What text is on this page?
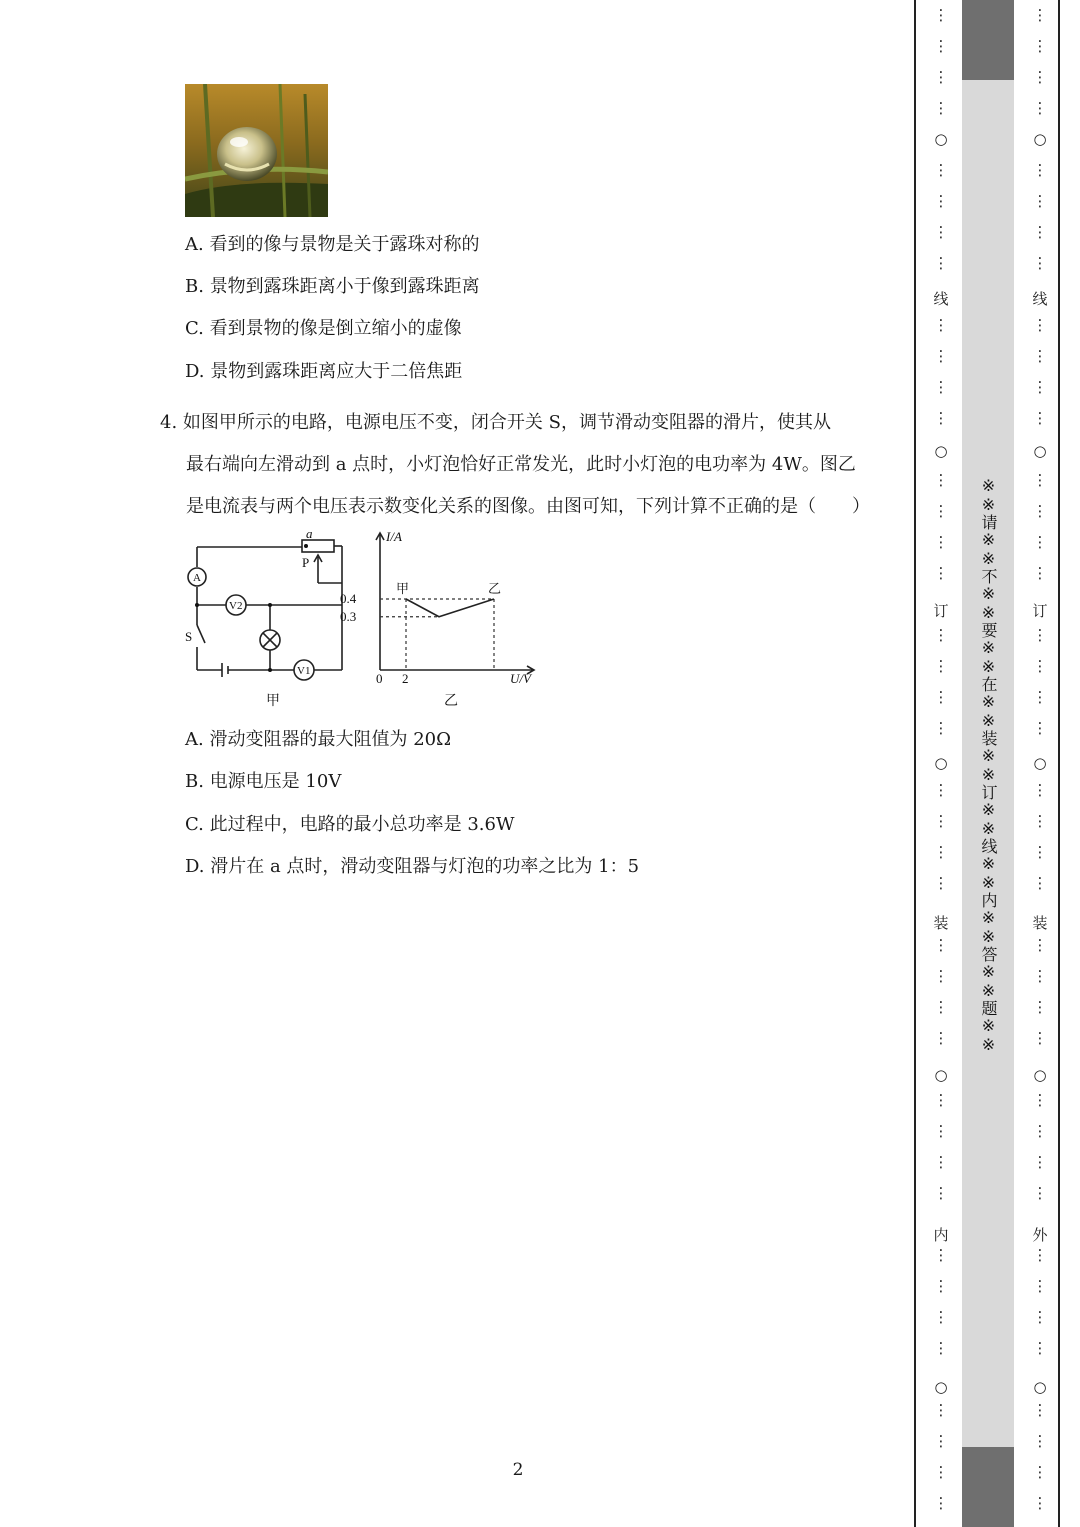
A. 看到的像与景物是关于露珠对称的
B. 景物到露珠距离小于像到露珠距离
C. 看到景物的像是倒立缩小的虚像
D. 景物到露珠距离应大于二倍焦距
4. 如图甲所示的电路，电源电压不变，闭合开关 S，调节滑动变阻器的滑片，使其从
最右端向左滑动到 a 点时，小灯泡恰好正常发光，此时小灯泡的电功率为 4W。图乙
是电流表与两个电压表示数变化关系的图像。由图可知，下列计算不正确的是（　　）
a
P
A
V2
S
V1
甲
0.4
0.3
2
甲	乙
I/A
U/V
0
乙
A. 滑动变阻器的最大阻值为 20Ω
B. 电源电压是 10V
C. 此过程中，电路的最小总功率是 3.6W
D. 滑片在 a 点时，滑动变阻器与灯泡的功率之比为 1：5
2
※※请※※不※※要※※在※※装※※订※※线※※内※※答※※题※※
⋮
⋮
⋮
⋮
⋮
⋮
⋮
⋮
⋮
⋮
⋮
⋮
⋮
⋮
⋮
⋮
⋮
⋮
⋮
⋮
⋮
⋮
⋮
⋮
⋮
⋮
⋮
⋮
⋮
⋮
⋮
⋮
⋮
⋮
⋮
⋮
⋮
⋮
⋮
⋮
○
○
○
○
○
线
订
装
内
⋮
⋮
⋮
⋮
⋮
⋮
⋮
⋮
⋮
⋮
⋮
⋮
⋮
⋮
⋮
⋮
⋮
⋮
⋮
⋮
⋮
⋮
⋮
⋮
⋮
⋮
⋮
⋮
⋮
⋮
⋮
⋮
⋮
⋮
⋮
⋮
⋮
⋮
⋮
⋮
○
○
○
○
○
线
订
装
外
